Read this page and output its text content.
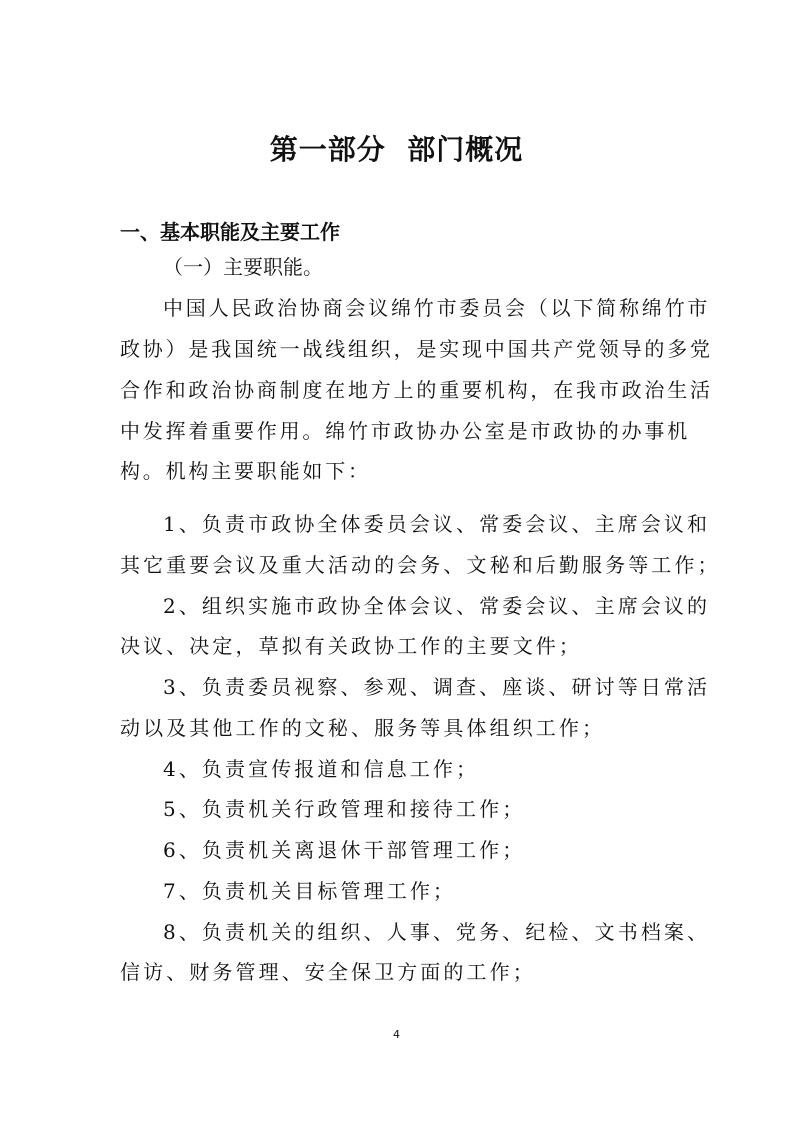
第一部分  部门概况
一、基本职能及主要工作
（一）主要职能。
中国人民政治协商会议绵竹市委员会（以下简称绵竹市
政协）是我国统一战线组织，是实现中国共产党领导的多党
合作和政治协商制度在地方上的重要机构，在我市政治生活
中发挥着重要作用。绵竹市政协办公室是市政协的办事机
构。机构主要职能如下：
1、负责市政协全体委员会议、常委会议、主席会议和
其它重要会议及重大活动的会务、文秘和后勤服务等工作；
2、组织实施市政协全体会议、常委会议、主席会议的
决议、决定，草拟有关政协工作的主要文件；
3、负责委员视察、参观、调查、座谈、研讨等日常活
动以及其他工作的文秘、服务等具体组织工作；
4、负责宣传报道和信息工作；
5、负责机关行政管理和接待工作；
6、负责机关离退休干部管理工作；
7、负责机关目标管理工作；
8、负责机关的组织、人事、党务、纪检、文书档案、
信访、财务管理、安全保卫方面的工作；
4
